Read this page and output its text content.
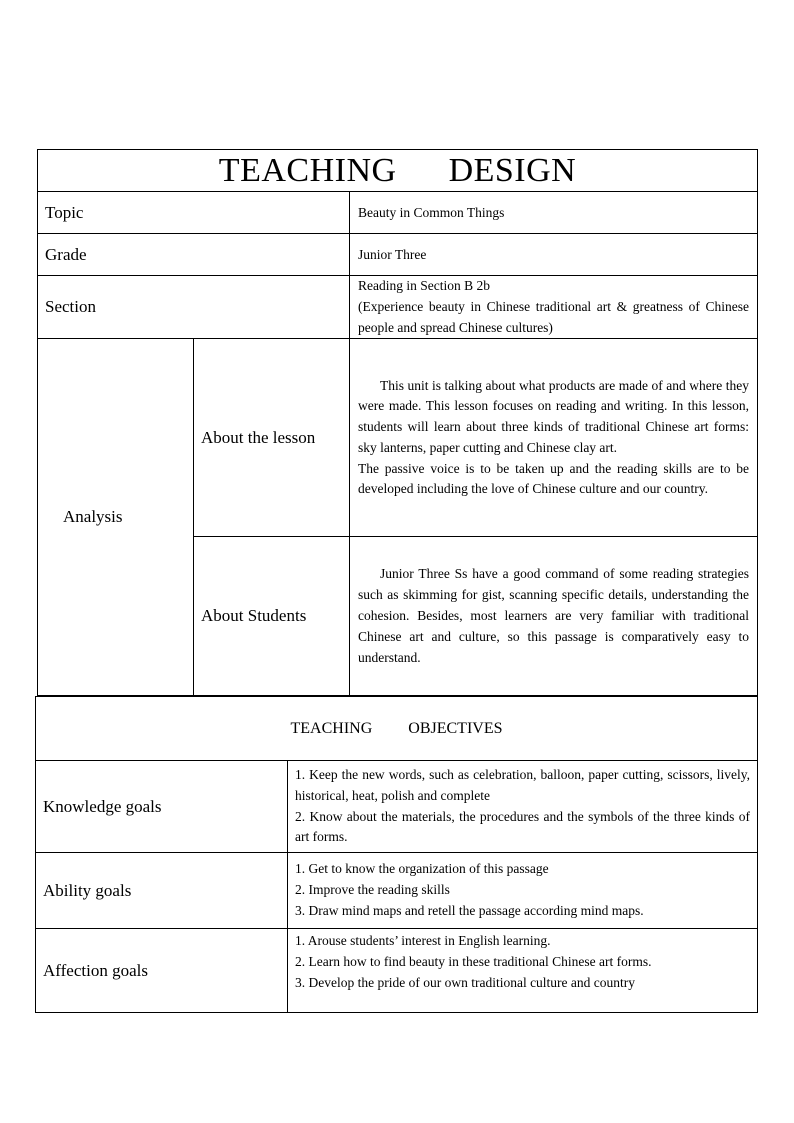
TEACHING DESIGN		
Topic		Beauty in Common Things
Grade		Junior Three
Section		Reading in Section B 2b

(Experience beauty in Chinese traditional art & greatness of Chinese people and spread Chinese cultures)

Analysis	About the lesson	This unit is talking about what products are made of and where they were made. This lesson focuses on reading and writing. In this lesson, students will learn about three kinds of traditional Chinese art forms: sky lanterns, paper cutting and Chinese clay art.

The passive voice is to be taken up and the reading skills are to be developed including the love of Chinese culture and our country.

	About Students	Junior Three Ss have a good command of some reading strategies such as skimming for gist, scanning specific details, understanding the cohesion. Besides, most learners are very familiar with traditional Chinese art and culture, so this passage is comparatively easy to understand.

TEACHING OBJECTIVES	
Knowledge goals	1. Keep the new words, such as celebration, balloon, paper cutting, scissors, lively, historical, heat, polish and complete
2. Know about the materials, the procedures and the symbols of the three kinds of art forms.

Ability goals	1. Get to know the organization of this passage
2. Improve the reading skills
3. Draw mind maps and retell the passage according mind maps.

Affection goals	1. Arouse students’ interest in English learning.
2. Learn how to find beauty in these traditional Chinese art forms.
3. Develop the pride of our own traditional culture and country
